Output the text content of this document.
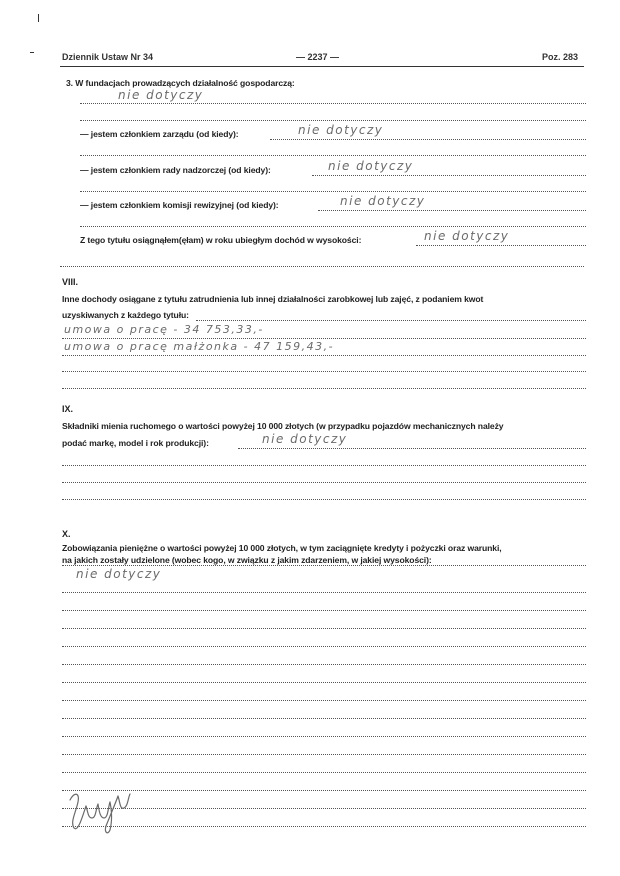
Dziennik Ustaw Nr 34	— 2237 —	Poz. 283
3. W fundacjach prowadzących działalność gospodarczą:
nie dotyczy
— jestem członkiem zarządu (od kiedy):	nie dotyczy
— jestem członkiem rady nadzorczej (od kiedy):	nie dotyczy
— jestem członkiem komisji rewizyjnej (od kiedy):	nie dotyczy
Z tego tytułu osiągnąłem(ęłam) w roku ubiegłym dochód w wysokości:	nie dotyczy
VIII.
Inne dochody osiągane z tytułu zatrudnienia lub innej działalności zarobkowej lub zajęć, z podaniem kwot
uzyskiwanych z każdego tytułu:
umowa o pracę - 34 753,33,-
umowa o pracę małżonka - 47 159,43,-
IX.
Składniki mienia ruchomego o wartości powyżej 10 000 złotych (w przypadku pojazdów mechanicznych należy
podać markę, model i rok produkcji):	nie dotyczy
X.
Zobowiązania pieniężne o wartości powyżej 10 000 złotych, w tym zaciągnięte kredyty i pożyczki oraz warunki,
na jakich zostały udzielone (wobec kogo, w związku z jakim zdarzeniem, w jakiej wysokości):
nie dotyczy
